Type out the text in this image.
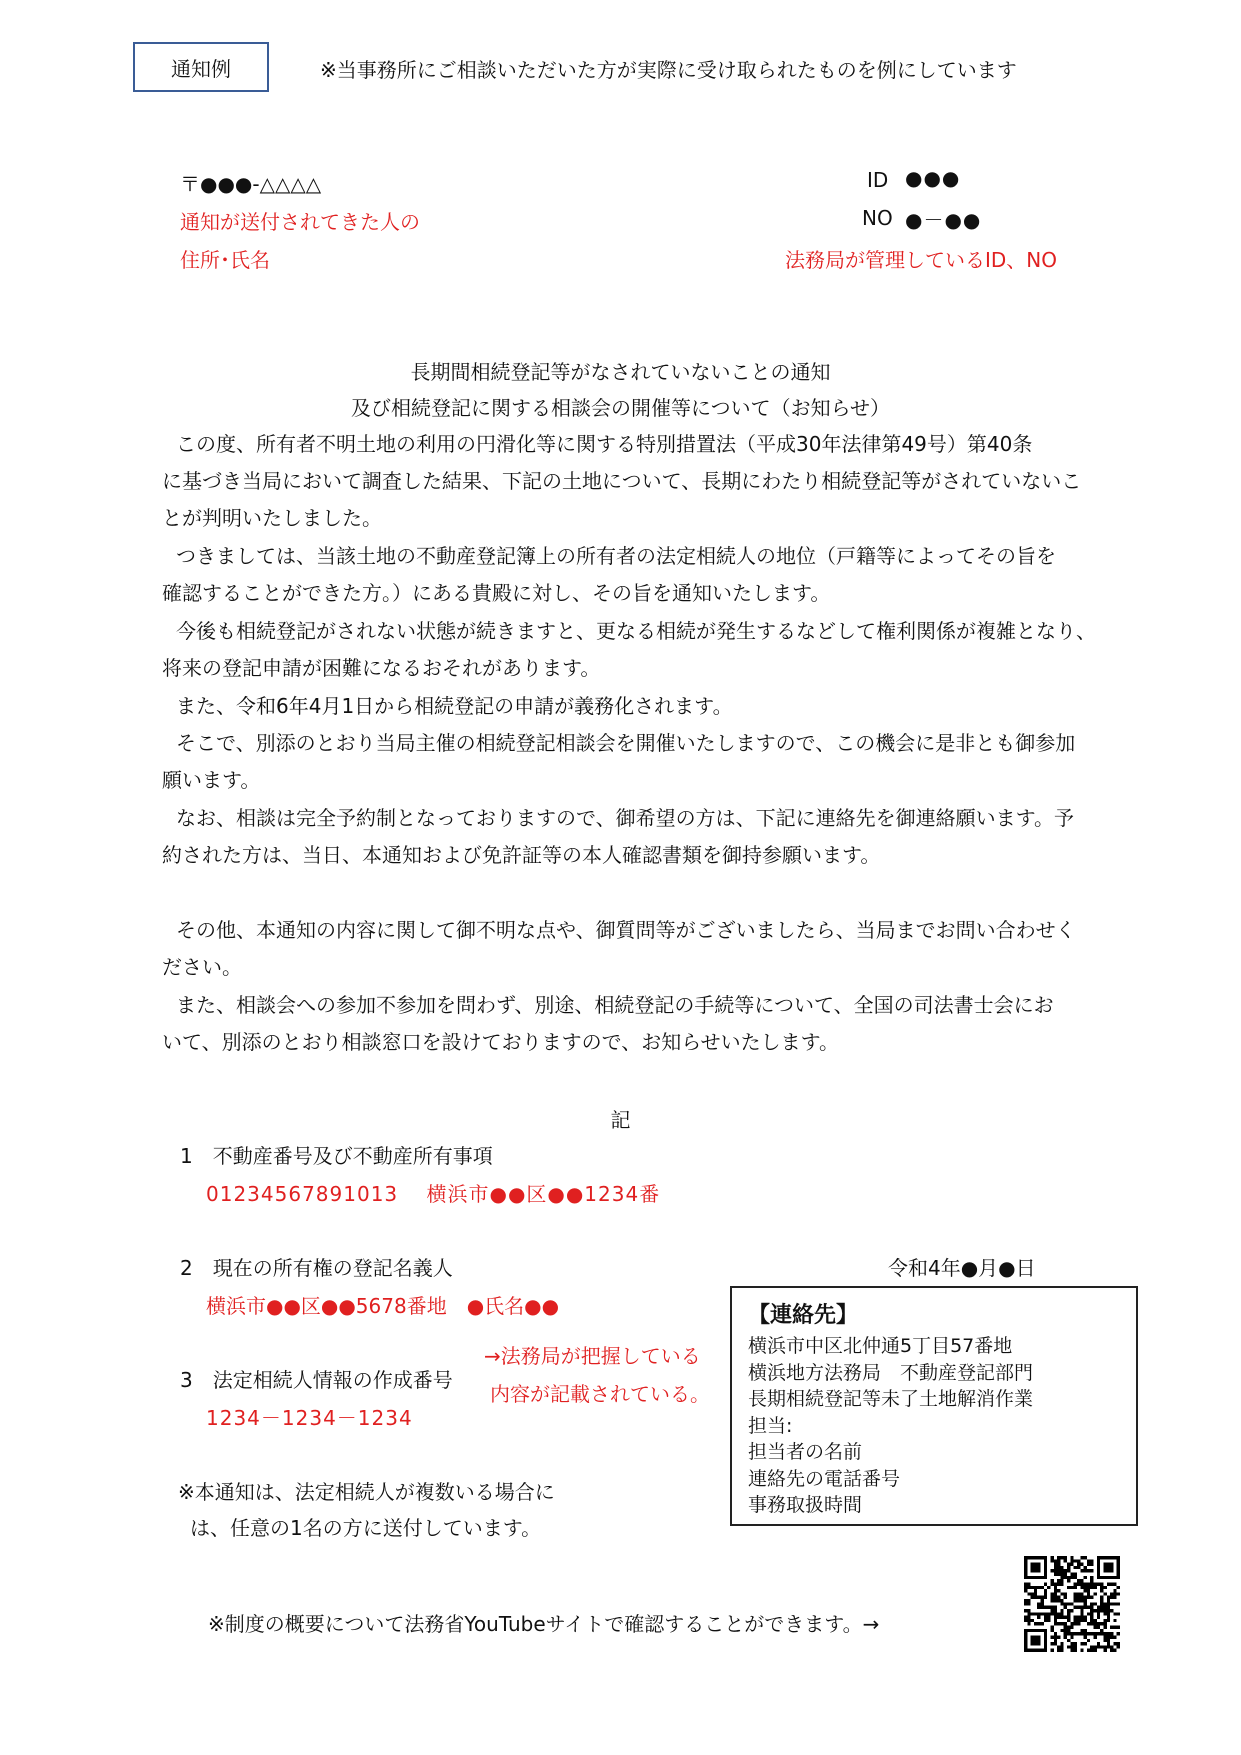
通知例	※当事務所にご相談いただいた方が実際に受け取られたものを例にしています
〒●●●-△△△△
通知が送付されてきた人の
住所･氏名
ID ●●●
NO ●－●●
法務局が管理しているID、NO
長期間相続登記等がなされていないことの通知
及び相続登記に関する相談会の開催等について（お知らせ）
この度、所有者不明土地の利用の円滑化等に関する特別措置法（平成30年法律第49号）第40条
に基づき当局において調査した結果、下記の土地について、長期にわたり相続登記等がされていないこ
とが判明いたしました。
つきましては、当該土地の不動産登記簿上の所有者の法定相続人の地位（戸籍等によってその旨を
確認することができた方。）にある貴殿に対し、その旨を通知いたします。
今後も相続登記がされない状態が続きますと、更なる相続が発生するなどして権利関係が複雑となり、
将来の登記申請が困難になるおそれがあります。
また、令和6年4月1日から相続登記の申請が義務化されます。
そこで、別添のとおり当局主催の相続登記相談会を開催いたしますので、この機会に是非とも御参加
願います。
なお、相談は完全予約制となっておりますので、御希望の方は、下記に連絡先を御連絡願います。予
約された方は、当日、本通知および免許証等の本人確認書類を御持参願います。
その他、本通知の内容に関して御不明な点や、御質問等がございましたら、当局までお問い合わせく
ださい。
また、相談会への参加不参加を問わず、別途、相続登記の手続等について、全国の司法書士会にお
いて、別添のとおり相談窓口を設けておりますので、お知らせいたします。
記
1　不動産番号及び不動産所有事項
01234567891013　 横浜市●●区●●1234番
2　現在の所有権の登記名義人
横浜市●●区●●5678番地　●氏名●●
3　法定相続人情報の作成番号
1234－1234－1234
→法務局が把握している
内容が記載されている。
令和4年●月●日
【連絡先】
横浜市中区北仲通5丁目57番地
横浜地方法務局　不動産登記部門
長期相続登記等未了土地解消作業
担当:
担当者の名前
連絡先の電話番号
事務取扱時間
※本通知は、法定相続人が複数いる場合に
は、任意の1名の方に送付しています。
※制度の概要について法務省YouTubeサイトで確認することができます。→
